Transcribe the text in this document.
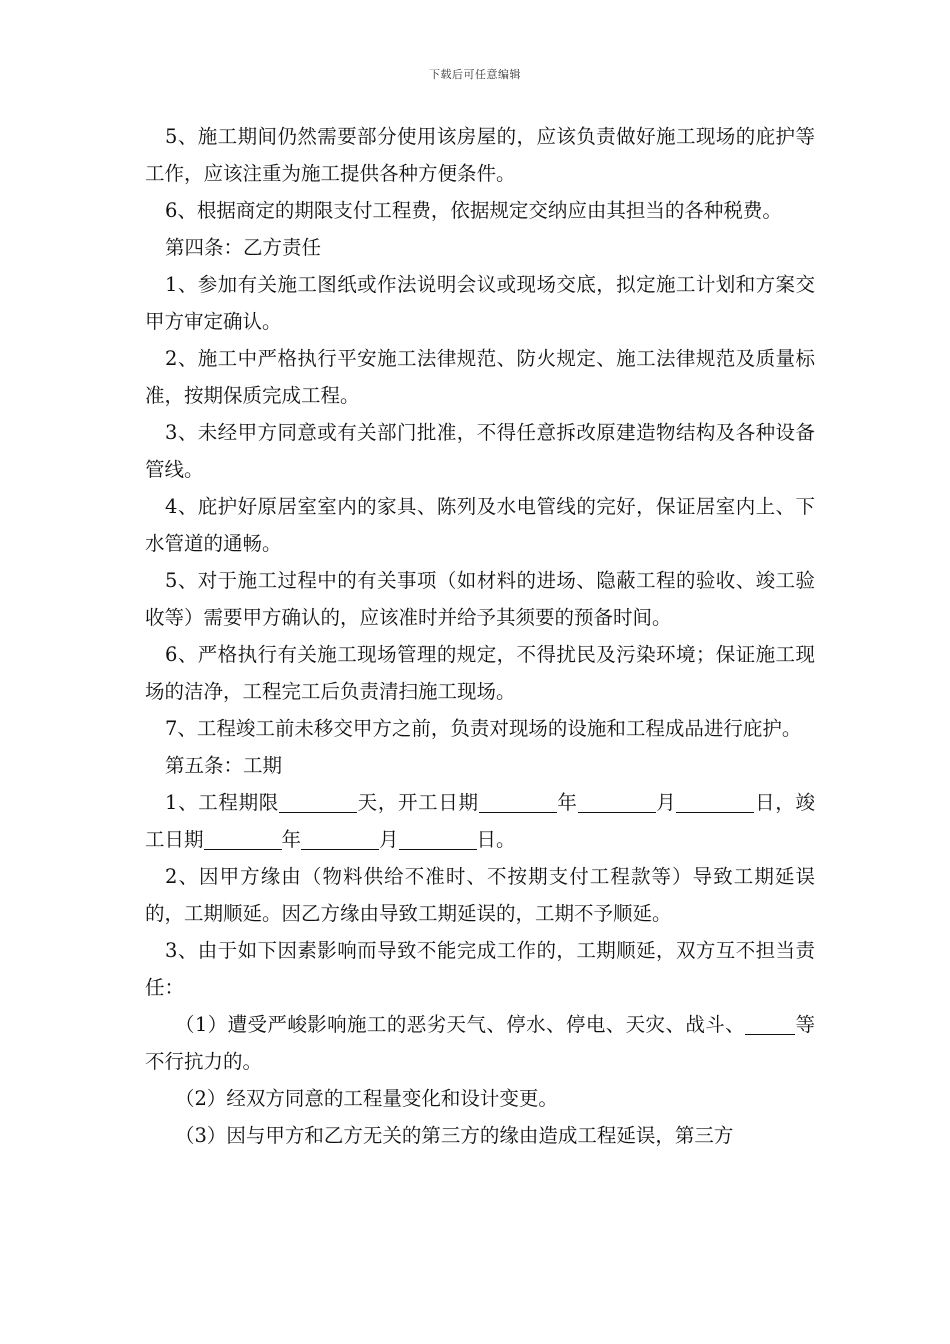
下载后可任意编辑

5、施工期间仍然需要部分使用该房屋的，应该负责做好施工现场的庇护等工作，应该注重为施工提供各种方便条件。

6、根据商定的期限支付工程费，依据规定交纳应由其担当的各种税费。

第四条：乙方责任

1、参加有关施工图纸或作法说明会议或现场交底，拟定施工计划和方案交甲方审定确认。

2、施工中严格执行平安施工法律规范、防火规定、施工法律规范及质量标准，按期保质完成工程。

3、未经甲方同意或有关部门批准，不得任意拆改原建造物结构及各种设备管线。

4、庇护好原居室室内的家具、陈列及水电管线的完好，保证居室内上、下水管道的通畅。

5、对于施工过程中的有关事项（如材料的进场、隐蔽工程的验收、竣工验收等）需要甲方确认的，应该准时并给予其须要的预备时间。

6、严格执行有关施工现场管理的规定，不得扰民及污染环境；保证施工现场的洁净，工程完工后负责清扫施工现场。

7、工程竣工前未移交甲方之前，负责对现场的设施和工程成品进行庇护。

第五条：工期

1、工程期限	天，开工日期	年	月	日，竣工日期	年	月	日。

2、因甲方缘由（物料供给不准时、不按期支付工程款等）导致工期延误的，工期顺延。因乙方缘由导致工期延误的，工期不予顺延。

3、由于如下因素影响而导致不能完成工作的，工期顺延，双方互不担当责任：

（1）遭受严峻影响施工的恶劣天气、停水、停电、天灾、战斗、	等不行抗力的。

（2）经双方同意的工程量变化和设计变更。

（3）因与甲方和乙方无关的第三方的缘由造成工程延误，第三方
